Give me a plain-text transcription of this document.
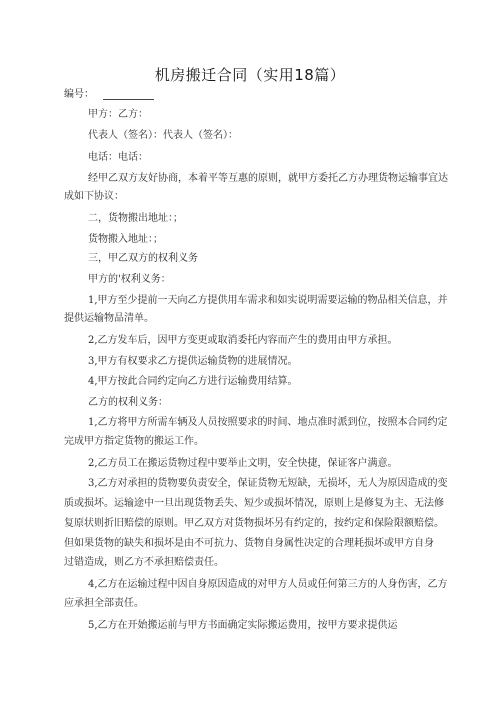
机房搬迁合同（实用18篇）
编号：
甲方：乙方：
代表人（签名）：代表人（签名）：
电话：电话：
经甲乙双方友好协商，本着平等互惠的原则，就甲方委托乙方办理货物运输事宜达
成如下协议：
二，货物搬出地址：；
货物搬入地址：；
三，甲乙双方的权利义务
甲方的'权利义务：
1,甲方至少提前一天向乙方提供用车需求和如实说明需要运输的物品相关信息，并
提供运输物品清单。
2,乙方发车后，因甲方变更或取消委托内容而产生的费用由甲方承担。
3,甲方有权要求乙方提供运输货物的进展情况。
4,甲方按此合同约定向乙方进行运输费用结算。
乙方的权利义务：
1,乙方将甲方所需车辆及人员按照要求的时间、地点准时派到位，按照本合同约定
完成甲方指定货物的搬运工作。
2,乙方员工在搬运货物过程中要举止文明，安全快捷，保证客户满意。
3,乙方对承担的货物要负责安全，保证货物无短缺，无损坏，无人为原因造成的变
质或损坏。运输途中一旦出现货物丢失、短少或损坏情况，原则上是修复为主、无法修
复原状则折旧赔偿的原则。甲乙双方对货物损坏另有约定的，按约定和保险限额赔偿。
但如果货物的缺失和损坏是由不可抗力、货物自身属性决定的合理耗损坏或甲方自身
过错造成，则乙方不承担赔偿责任。
4,乙方在运输过程中因自身原因造成的对甲方人员或任何第三方的人身伤害，乙方
应承担全部责任。
5,乙方在开始搬运前与甲方书面确定实际搬运费用，按甲方要求提供运
